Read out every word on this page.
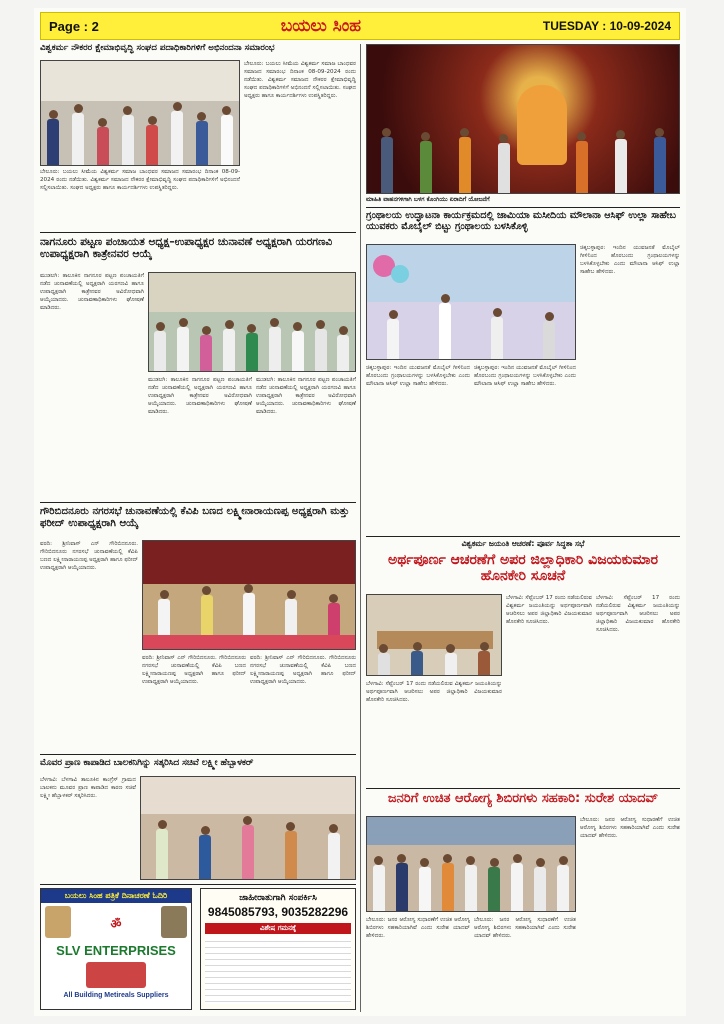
Page : 2	ಬಯಲು ಸಿಂಹ	TUESDAY : 10-09-2024
ವಿಶ್ವಕರ್ಮ ನೌಕರರ ಕ್ಷೇಮಾಭಿವೃದ್ಧಿ ಸಂಘದ ಪದಾಧಿಕಾರಿಗಳಿಗೆ ಅಭಿನಂದನಾ ಸಮಾರಂಭ
ಬೇಲೂರು: ಬಯಲು ಸೀಮೆಯ ವಿಶ್ವಕರ್ಮ ಸಮಾಜ ಬಾಂಧವರ ಸಮಾಜದ ಸಮಾರಂಭ ದಿನಾಂಕ 08-09-2024 ರಂದು ನಡೆಯಿತು. ವಿಶ್ವಕರ್ಮ ಸಮಾಜದ ನೌಕರರ ಕ್ಷೇಮಾಭಿವೃದ್ಧಿ ಸಂಘದ ಪದಾಧಿಕಾರಿಗಳಿಗೆ ಅಭಿನಂದನೆ ಸಲ್ಲಿಸಲಾಯಿತು. ಸಂಘದ ಅಧ್ಯಕ್ಷರು ಹಾಗೂ ಕಾರ್ಯದರ್ಶಿಗಳು ಉಪಸ್ಥಿತರಿದ್ದರು.
ಬೇಲೂರು: ಬಯಲು ಸೀಮೆಯ ವಿಶ್ವಕರ್ಮ ಸಮಾಜ ಬಾಂಧವರ ಸಮಾಜದ ಸಮಾರಂಭ ದಿನಾಂಕ 08-09-2024 ರಂದು ನಡೆಯಿತು. ವಿಶ್ವಕರ್ಮ ಸಮಾಜದ ನೌಕರರ ಕ್ಷೇಮಾಭಿವೃದ್ಧಿ ಸಂಘದ ಪದಾಧಿಕಾರಿಗಳಿಗೆ ಅಭಿನಂದನೆ ಸಲ್ಲಿಸಲಾಯಿತು. ಸಂಘದ ಅಧ್ಯಕ್ಷರು ಹಾಗೂ ಕಾರ್ಯದರ್ಶಿಗಳು ಉಪಸ್ಥಿತರಿದ್ದರು.
ನಾಗನೂರು ಪಟ್ಟಣ ಪಂಚಾಯತ ಅಧ್ಯಕ್ಷ–ಉಪಾಧ್ಯಕ್ಷರ ಚುನಾವಣೆ ಅಧ್ಯಕ್ಷರಾಗಿ ಯರಗಣವಿ ಉಪಾಧ್ಯಕ್ಷರಾಗಿ ಕಾತ್ರೇನವರ ಆಯ್ಕೆ
ಮುಡಲಗಿ: ತಾಲೂಕಿನ ನಾಗನೂರ ಪಟ್ಟಣ ಪಂಚಾಯತಿಗೆ ನಡೆದ ಚುನಾವಣೆಯಲ್ಲಿ ಅಧ್ಯಕ್ಷರಾಗಿ ಯರಗಣವಿ ಹಾಗೂ ಉಪಾಧ್ಯಕ್ಷರಾಗಿ ಕಾತ್ರೇನವರ ಅವಿರೋಧವಾಗಿ ಆಯ್ಕೆಯಾದರು. ಚುನಾವಣಾಧಿಕಾರಿಗಳು ಘೋಷಣೆ ಮಾಡಿದರು.
ಮುಡಲಗಿ: ತಾಲೂಕಿನ ನಾಗನೂರ ಪಟ್ಟಣ ಪಂಚಾಯತಿಗೆ ನಡೆದ ಚುನಾವಣೆಯಲ್ಲಿ ಅಧ್ಯಕ್ಷರಾಗಿ ಯರಗಣವಿ ಹಾಗೂ ಉಪಾಧ್ಯಕ್ಷರಾಗಿ ಕಾತ್ರೇನವರ ಅವಿರೋಧವಾಗಿ ಆಯ್ಕೆಯಾದರು. ಚುನಾವಣಾಧಿಕಾರಿಗಳು ಘೋಷಣೆ ಮಾಡಿದರು.
ಮುಡಲಗಿ: ತಾಲೂಕಿನ ನಾಗನೂರ ಪಟ್ಟಣ ಪಂಚಾಯತಿಗೆ ನಡೆದ ಚುನಾವಣೆಯಲ್ಲಿ ಅಧ್ಯಕ್ಷರಾಗಿ ಯರಗಣವಿ ಹಾಗೂ ಉಪಾಧ್ಯಕ್ಷರಾಗಿ ಕಾತ್ರೇನವರ ಅವಿರೋಧವಾಗಿ ಆಯ್ಕೆಯಾದರು. ಚುನಾವಣಾಧಿಕಾರಿಗಳು ಘೋಷಣೆ ಮಾಡಿದರು.
ಗೌರಿಬಿದನೂರು ನಗರಸಭೆ ಚುನಾವಣೆಯಲ್ಲಿ ಕೆವಿಪಿ ಬಣದ ಲಕ್ಷ್ಮೀನಾರಾಯಣಪ್ಪ ಅಧ್ಯಕ್ಷರಾಗಿ ಮತ್ತು ಫರೀದ್ ಉಪಾಧ್ಯಕ್ಷರಾಗಿ ಆಯ್ಕೆ
ವರದಿ: ಶ್ರೀನಿವಾಸ್ ಎನ್ ಗೌರಿಬಿದನೂರು. ಗೌರಿಬಿದನೂರು ನಗರಸಭೆ ಚುನಾವಣೆಯಲ್ಲಿ ಕೆವಿಪಿ ಬಣದ ಲಕ್ಷ್ಮೀನಾರಾಯಣಪ್ಪ ಅಧ್ಯಕ್ಷರಾಗಿ ಹಾಗೂ ಫರೀದ್ ಉಪಾಧ್ಯಕ್ಷರಾಗಿ ಆಯ್ಕೆಯಾದರು.
ವರದಿ: ಶ್ರೀನಿವಾಸ್ ಎನ್ ಗೌರಿಬಿದನೂರು. ಗೌರಿಬಿದನೂರು ನಗರಸಭೆ ಚುನಾವಣೆಯಲ್ಲಿ ಕೆವಿಪಿ ಬಣದ ಲಕ್ಷ್ಮೀನಾರಾಯಣಪ್ಪ ಅಧ್ಯಕ್ಷರಾಗಿ ಹಾಗೂ ಫರೀದ್ ಉಪಾಧ್ಯಕ್ಷರಾಗಿ ಆಯ್ಕೆಯಾದರು.
ವರದಿ: ಶ್ರೀನಿವಾಸ್ ಎನ್ ಗೌರಿಬಿದನೂರು. ಗೌರಿಬಿದನೂರು ನಗರಸಭೆ ಚುನಾವಣೆಯಲ್ಲಿ ಕೆವಿಪಿ ಬಣದ ಲಕ್ಷ್ಮೀನಾರಾಯಣಪ್ಪ ಅಧ್ಯಕ್ಷರಾಗಿ ಹಾಗೂ ಫರೀದ್ ಉಪಾಧ್ಯಕ್ಷರಾಗಿ ಆಯ್ಕೆಯಾದರು.
ಮೊವರ ಪ್ರಾಣ ಕಾಪಾಡಿದ ಬಾಲಕನಿಗಿನ್ನು ಸತ್ಕರಿಸಿದ ಸಚಿವೆ ಲಕ್ಷ್ಮೀ ಹೆಬ್ಬಾಳಕರ್
ಬೆಳಗಾವಿ: ಬೆಳಗಾವಿ ತಾಲೂಕಿನ ಕಾಂಗ್ರೆಸ್ ಗ್ರಾಮದ ಬಾಲಕನು ಮೂವರ ಪ್ರಾಣ ಕಾಪಾಡಿದ ಕಾರಣ ಸಚಿವೆ ಲಕ್ಷ್ಮೀ ಹೆಬ್ಬಾಳಕರ್ ಸತ್ಕರಿಸಿದರು.
ಬಯಲು ಸಿಂಹ ಪತ್ರಿಕೆ ದಿನಾಚರಣೆ ಓದಿರಿ
ॐ
SLV ENTERPRISES
All Building Metireals Suppliers
ಜಾಹೀರಾತುಗಾಗಿ ಸಂಪರ್ಕಿಸಿ
9845085793, 9035282296
ವಿಶೇಷ ಗಮನಕ್ಕೆ
ಮಾಹಿತಿ ವಾಹನಗಳಿಗಾಗಿ ಬಳಗ ಕೊಂಗಿಯು ಏರಾದಿಗೆ ಯೋಜನೆಗೆ
ಗ್ರಂಥಾಲಯ ಉದ್ಘಾಟನಾ ಕಾರ್ಯಕ್ರಮದಲ್ಲಿ ಜಾಮಿಯಾ ಮಸೀದಿಯ ಮೌಲಾನಾ ಆಸಿಫ್ ಉಲ್ಲಾ ಸಾಹೇಬ ಯುವಕರು ಮೊಬೈಲ್ ಬಿಟ್ಟು ಗ್ರಂಥಾಲಯ ಬಳಸಿಕೊಳ್ಳಿ
ಚಿಕ್ಕಬಳ್ಳಾಪುರ: ಇಂದಿನ ಯುವಜನತೆ ಮೊಬೈಲ್ ಗೀಳಿನಿಂದ ಹೊರಬಂದು ಗ್ರಂಥಾಲಯಗಳನ್ನು ಬಳಸಿಕೊಳ್ಳಬೇಕು ಎಂದು ಮೌಲಾನಾ ಆಸಿಫ್ ಉಲ್ಲಾ ಸಾಹೇಬ ಹೇಳಿದರು.
ಚಿಕ್ಕಬಳ್ಳಾಪುರ: ಇಂದಿನ ಯುವಜನತೆ ಮೊಬೈಲ್ ಗೀಳಿನಿಂದ ಹೊರಬಂದು ಗ್ರಂಥಾಲಯಗಳನ್ನು ಬಳಸಿಕೊಳ್ಳಬೇಕು ಎಂದು ಮೌಲಾನಾ ಆಸಿಫ್ ಉಲ್ಲಾ ಸಾಹೇಬ ಹೇಳಿದರು.
ಚಿಕ್ಕಬಳ್ಳಾಪುರ: ಇಂದಿನ ಯುವಜನತೆ ಮೊಬೈಲ್ ಗೀಳಿನಿಂದ ಹೊರಬಂದು ಗ್ರಂಥಾಲಯಗಳನ್ನು ಬಳಸಿಕೊಳ್ಳಬೇಕು ಎಂದು ಮೌಲಾನಾ ಆಸಿಫ್ ಉಲ್ಲಾ ಸಾಹೇಬ ಹೇಳಿದರು.
ವಿಶ್ವಕರ್ಮ ಜಯಂತಿ ಆಚರಣೆ: ಪೂರ್ವ ಸಿದ್ಧತಾ ಸಭೆ
ಅರ್ಥಪೂರ್ಣ ಆಚರಣೆಗೆ ಅಪರ ಜಿಲ್ಲಾಧಿಕಾರಿ ವಿಜಯಕುಮಾರ ಹೊನಕೇರಿ ಸೂಚನೆ
ಬೆಳಗಾವಿ: ಸೆಪ್ಟೆಂಬರ್ 17 ರಂದು ನಡೆಯಲಿರುವ ವಿಶ್ವಕರ್ಮ ಜಯಂತಿಯನ್ನು ಅರ್ಥಪೂರ್ಣವಾಗಿ ಆಚರಿಸಲು ಅಪರ ಜಿಲ್ಲಾಧಿಕಾರಿ ವಿಜಯಕುಮಾರ ಹೊನಕೇರಿ ಸೂಚಿಸಿದರು.
ಬೆಳಗಾವಿ: ಸೆಪ್ಟೆಂಬರ್ 17 ರಂದು ನಡೆಯಲಿರುವ ವಿಶ್ವಕರ್ಮ ಜಯಂತಿಯನ್ನು ಅರ್ಥಪೂರ್ಣವಾಗಿ ಆಚರಿಸಲು ಅಪರ ಜಿಲ್ಲಾಧಿಕಾರಿ ವಿಜಯಕುಮಾರ ಹೊನಕೇರಿ ಸೂಚಿಸಿದರು.
ಬೆಳಗಾವಿ: ಸೆಪ್ಟೆಂಬರ್ 17 ರಂದು ನಡೆಯಲಿರುವ ವಿಶ್ವಕರ್ಮ ಜಯಂತಿಯನ್ನು ಅರ್ಥಪೂರ್ಣವಾಗಿ ಆಚರಿಸಲು ಅಪರ ಜಿಲ್ಲಾಧಿಕಾರಿ ವಿಜಯಕುಮಾರ ಹೊನಕೇರಿ ಸೂಚಿಸಿದರು.
ಜನರಿಗೆ ಉಚಿತ ಆರೋಗ್ಯ ಶಿಬಿರಗಳು ಸಹಕಾರಿ: ಸುರೇಶ ಯಾದವ್
ಬೇಲೂರು: ಜನರ ಆರೋಗ್ಯ ಸುಧಾರಣೆಗೆ ಉಚಿತ ಆರೋಗ್ಯ ಶಿಬಿರಗಳು ಸಹಕಾರಿಯಾಗಿವೆ ಎಂದು ಸುರೇಶ ಯಾದವ್ ಹೇಳಿದರು.
ಬೇಲೂರು: ಜನರ ಆರೋಗ್ಯ ಸುಧಾರಣೆಗೆ ಉಚಿತ ಆರೋಗ್ಯ ಶಿಬಿರಗಳು ಸಹಕಾರಿಯಾಗಿವೆ ಎಂದು ಸುರೇಶ ಯಾದವ್ ಹೇಳಿದರು.
ಬೇಲೂರು: ಜನರ ಆರೋಗ್ಯ ಸುಧಾರಣೆಗೆ ಉಚಿತ ಆರೋಗ್ಯ ಶಿಬಿರಗಳು ಸಹಕಾರಿಯಾಗಿವೆ ಎಂದು ಸುರೇಶ ಯಾದವ್ ಹೇಳಿದರು.
